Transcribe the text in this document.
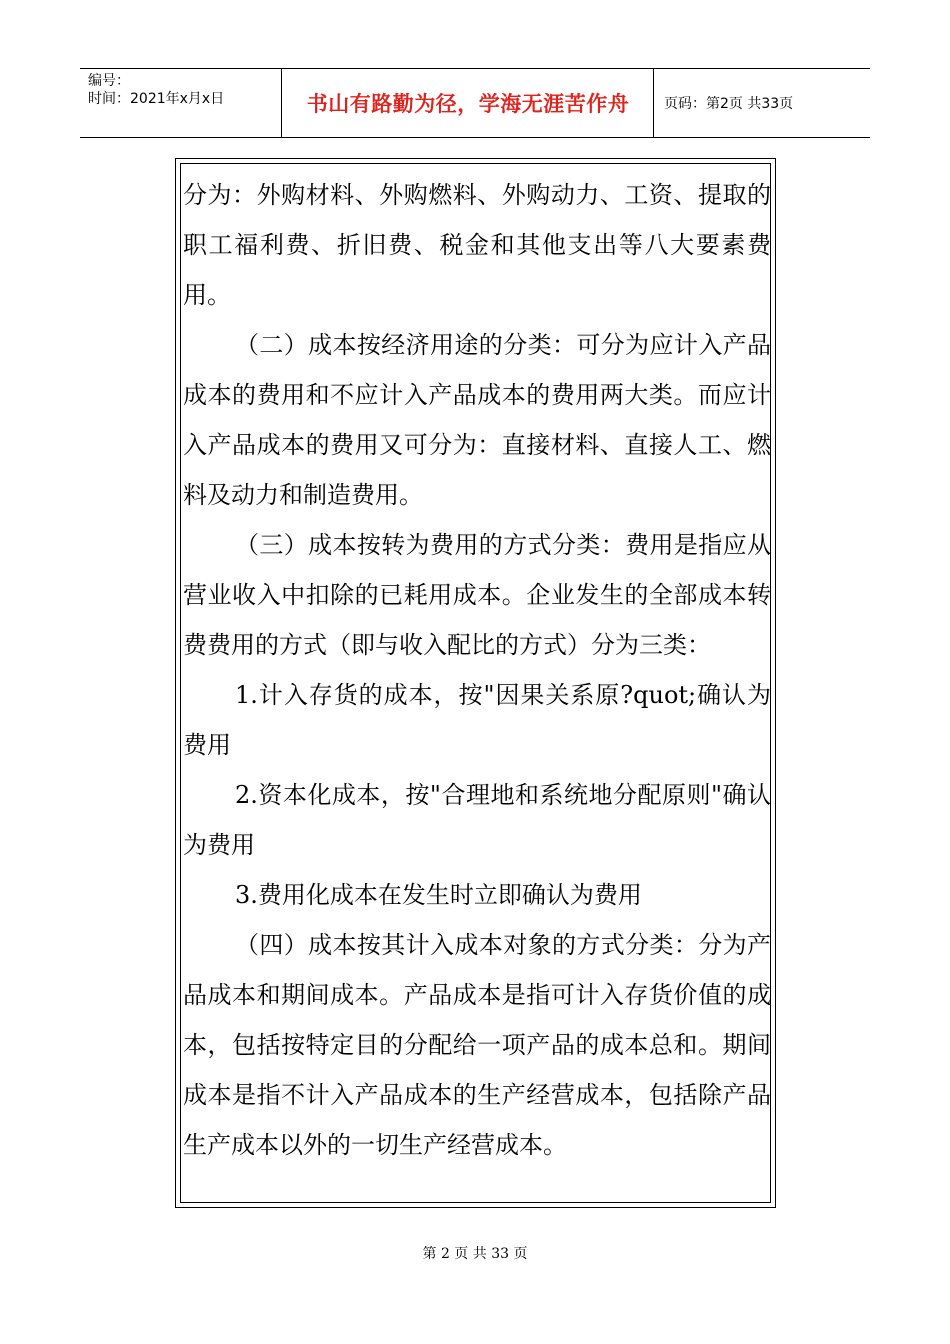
编号：
时间：2021年x月x日	书山有路勤为径，学海无涯苦作舟	页码：第2页 共33页

分为：外购材料、外购燃料、外购动力、工资、提取的职工福利费、折旧费、税金和其他支出等八大要素费用。

（二）成本按经济用途的分类：可分为应计入产品成本的费用和不应计入产品成本的费用两大类。而应计入产品成本的费用又可分为：直接材料、直接人工、燃料及动力和制造费用。

（三）成本按转为费用的方式分类：费用是指应从营业收入中扣除的已耗用成本。企业发生的全部成本转费费用的方式（即与收入配比的方式）分为三类：

1.计入存货的成本，按"因果关系原?quot;确认为费用

2.资本化成本，按"合理地和系统地分配原则"确认为费用

3.费用化成本在发生时立即确认为费用

（四）成本按其计入成本对象的方式分类：分为产品成本和期间成本。产品成本是指可计入存货价值的成本，包括按特定目的分配给一项产品的成本总和。期间成本是指不计入产品成本的生产经营成本，包括除产品生产成本以外的一切生产经营成本。

第 2 页 共 33 页
